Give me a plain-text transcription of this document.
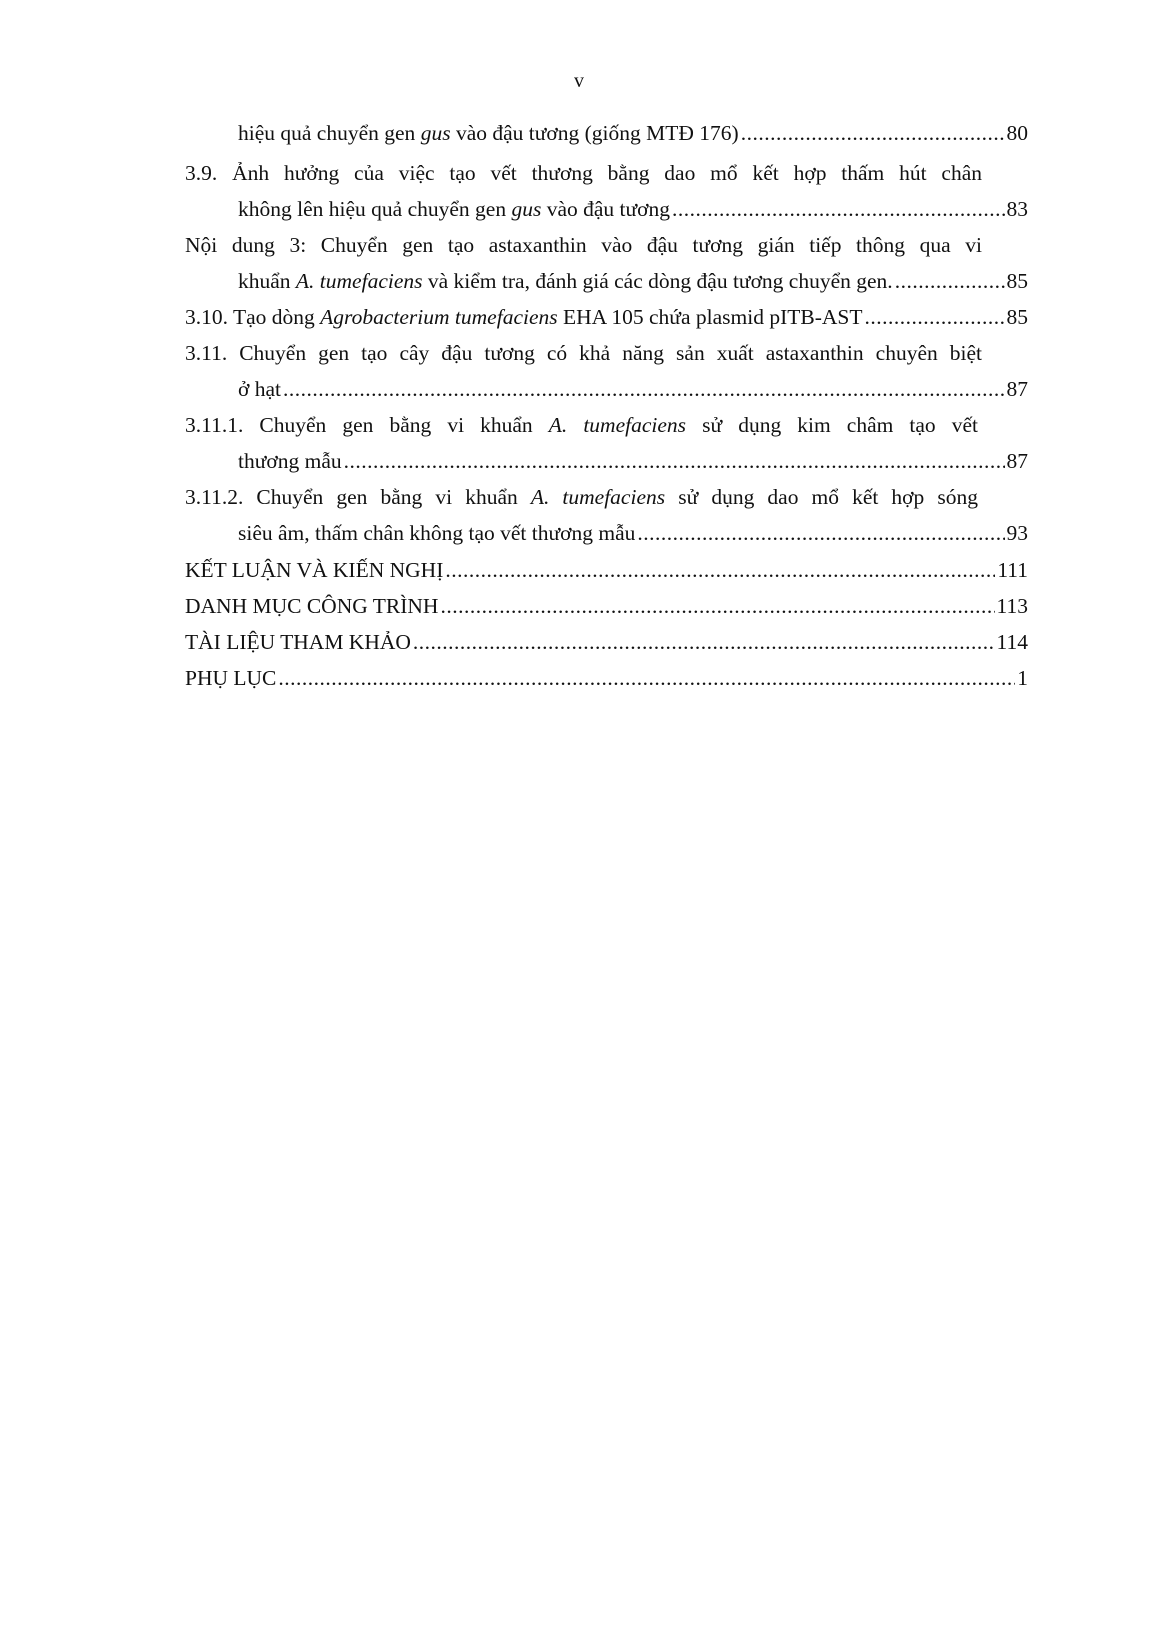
v
hiệu quả chuyển gen gus vào đậu tương (giống MTĐ 176) .....	80
3.9. Ảnh hưởng của việc tạo vết thương bằng dao mổ kết hợp thấm hút chân
không lên hiệu quả chuyển gen gus vào đậu tương .....	83
Nội dung 3: Chuyển gen tạo astaxanthin vào đậu tương gián tiếp thông qua vi
khuẩn A. tumefaciens và kiểm tra, đánh giá các dòng đậu tương chuyển gen. .....	85
3.10. Tạo dòng Agrobacterium tumefaciens EHA 105 chứa plasmid pITB-AST .....	85
3.11. Chuyển gen tạo cây đậu tương có khả năng sản xuất astaxanthin chuyên biệt
ở hạt .....	87
3.11.1. Chuyển gen bằng vi khuẩn A. tumefaciens sử dụng kim châm tạo vết
thương mẫu .....	87
3.11.2. Chuyển gen bằng vi khuẩn A. tumefaciens sử dụng dao mổ kết hợp sóng
siêu âm, thấm chân không tạo vết thương mẫu .....	93
KẾT LUẬN VÀ KIẾN NGHỊ .....	111
DANH MỤC CÔNG TRÌNH .....	113
TÀI LIỆU THAM KHẢO .....	114
PHỤ LỤC .....	1
